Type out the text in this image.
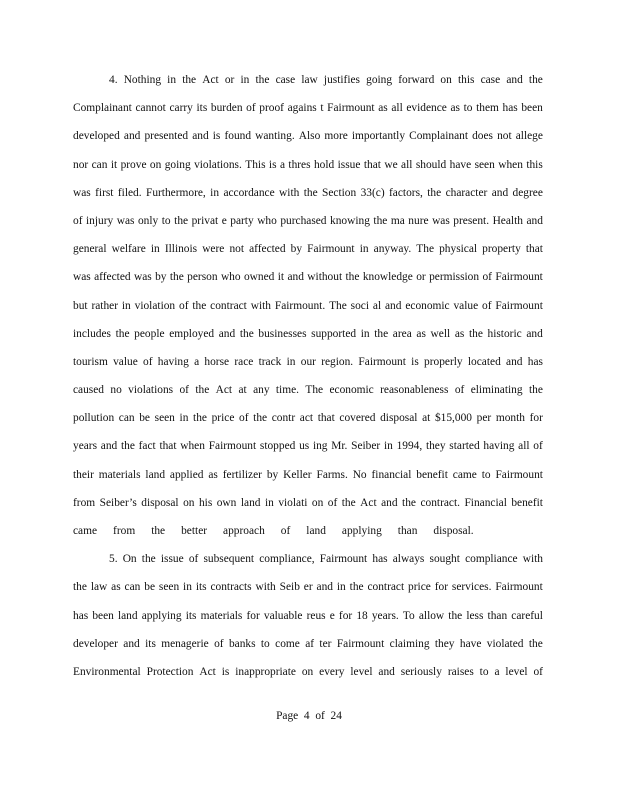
4. Nothing in the Act or in the case law justifies going forward on this case and the
Complainant cannot carry its burden of proof agains t Fairmount as all evidence as to them has been
developed and presented and is found wanting. Also more importantly Complainant does not allege
nor can it prove on going violations. This is a thres hold issue that we all should have seen when this
was first filed. Furthermore, in accordance with the Section 33(c) factors, the character and degree
of injury was only to the privat e party who purchased knowing the ma nure was present. Health and
general welfare in Illinois were not affected by Fairmount in anyway. The physical property that
was affected was by the person who owned it and without the knowledge or permission of Fairmount
but rather in violation of the contract with Fairmount. The soci al and economic value of Fairmount
includes the people employed and the businesses supported in the area as well as the historic and
tourism value of having a horse race track in our region. Fairmount is properly located and has
caused no violations of the Act at any time. The economic reasonableness of eliminating the
pollution can be seen in the price of the contr act that covered disposal at $15,000 per month for
years and the fact that when Fairmount stopped us ing Mr. Seiber in 1994, they started having all of
their materials land applied as fertilizer by Keller Farms. No financial benefit came to Fairmount
from Seiber’s disposal on his own land in violati on of the Act and the contract. Financial benefit
came from the better approach of land applying than disposal.
5. On the issue of subsequent compliance, Fairmount has always sought compliance with
the law as can be seen in its contracts with Seib er and in the contract price for services. Fairmount
has been land applying its materials for valuable reus e for 18 years. To allow the less than careful
developer and its menagerie of banks to come af ter Fairmount claiming they have violated the
Environmental Protection Act is inappropriate on every level and seriously raises to a level of
Page 4 of 24
